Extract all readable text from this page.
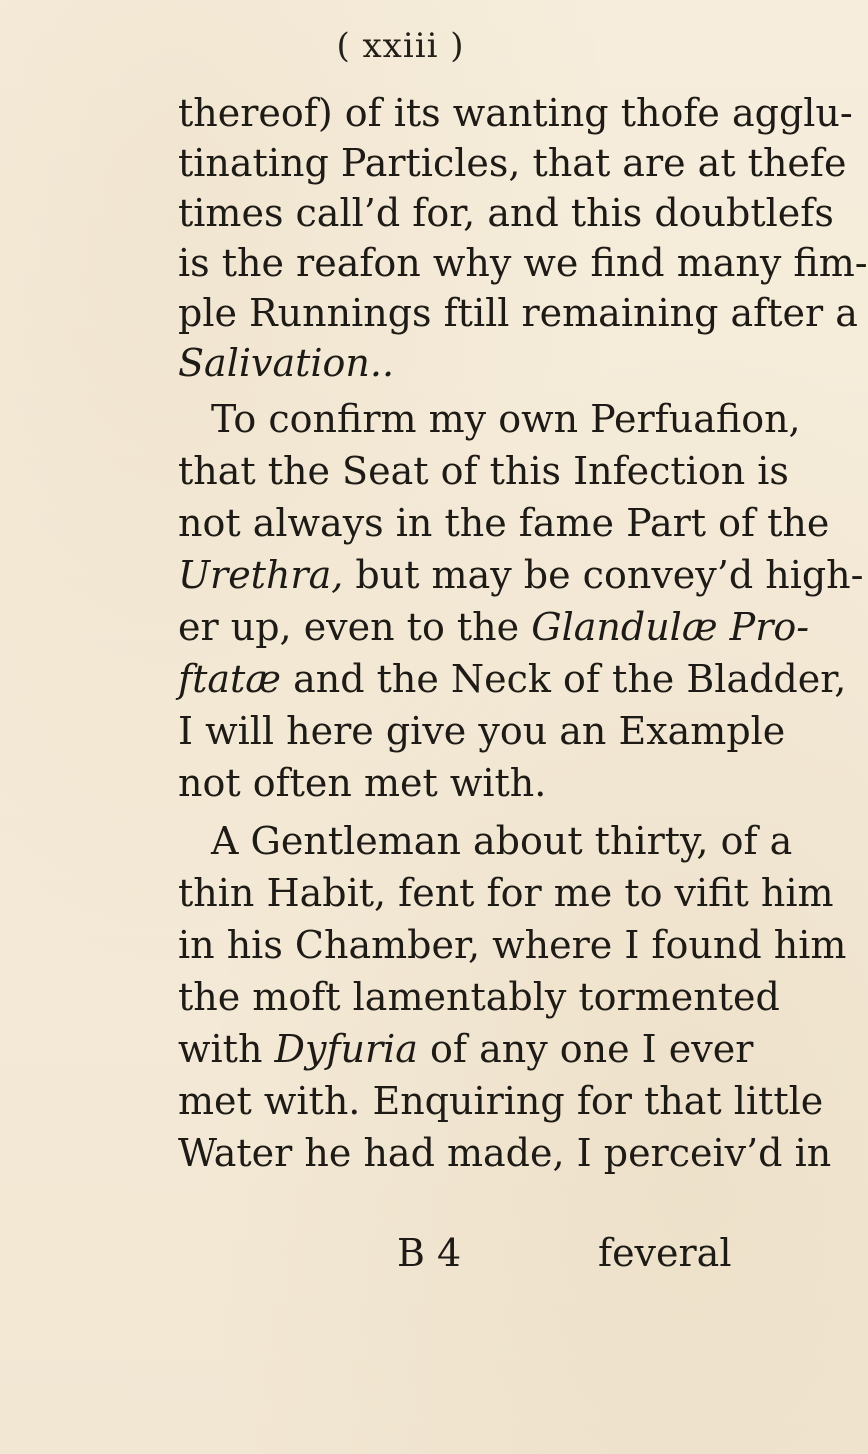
( xxiii )
thereof) of its wanting thofe agglu-
tinating Particles, that are at thefe
times call’d for, and this doubtlefs
is the reafon why we find many fim-
ple Runnings ftill remaining after a
Salivation..
To confirm my own Perfuafion,
that the Seat of this Infection is
not always in the fame Part of the
Urethra, but may be convey’d high-
er up, even to the Glandulæ Pro-
ftatæ and the Neck of the Bladder,
I will here give you an Example
not often met with.
A Gentleman about thirty, of a
thin Habit, fent for me to vifit him
in his Chamber, where I found him
the moft lamentably tormented
with Dyfuria of any one I ever
met with. Enquiring for that little
Water he had made, I perceiv’d in
B 4	feveral
